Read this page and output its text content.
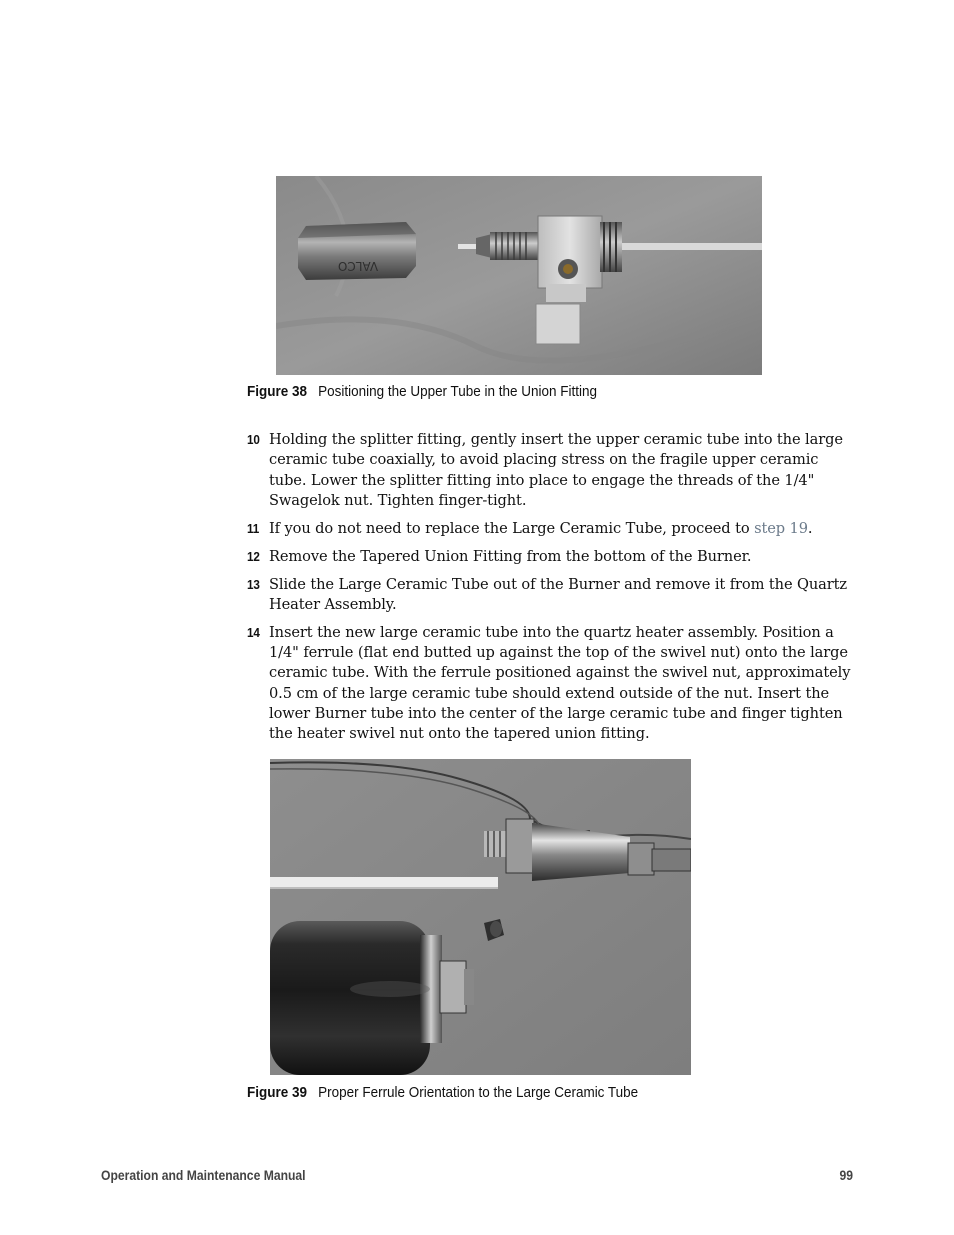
VALCO
Figure 38 Positioning the Upper Tube in the Union Fitting
10 Holding the splitter fitting, gently insert the upper ceramic tube into the large ceramic tube coaxially, to avoid placing stress on the fragile upper ceramic tube. Lower the splitter fitting into place to engage the threads of the 1/4" Swagelok nut. Tighten finger-tight.
11 If you do not need to replace the Large Ceramic Tube, proceed to step 19.
12 Remove the Tapered Union Fitting from the bottom of the Burner.
13 Slide the Large Ceramic Tube out of the Burner and remove it from the Quartz Heater Assembly.
14 Insert the new large ceramic tube into the quartz heater assembly. Position a 1/4" ferrule (flat end butted up against the top of the swivel nut) onto the large ceramic tube. With the ferrule positioned against the swivel nut, approximately 0.5 cm of the large ceramic tube should extend outside of the nut. Insert the lower Burner tube into the center of the large ceramic tube and finger tighten the heater swivel nut onto the tapered union fitting.
Figure 39 Proper Ferrule Orientation to the Large Ceramic Tube
Operation and Maintenance Manual	99
